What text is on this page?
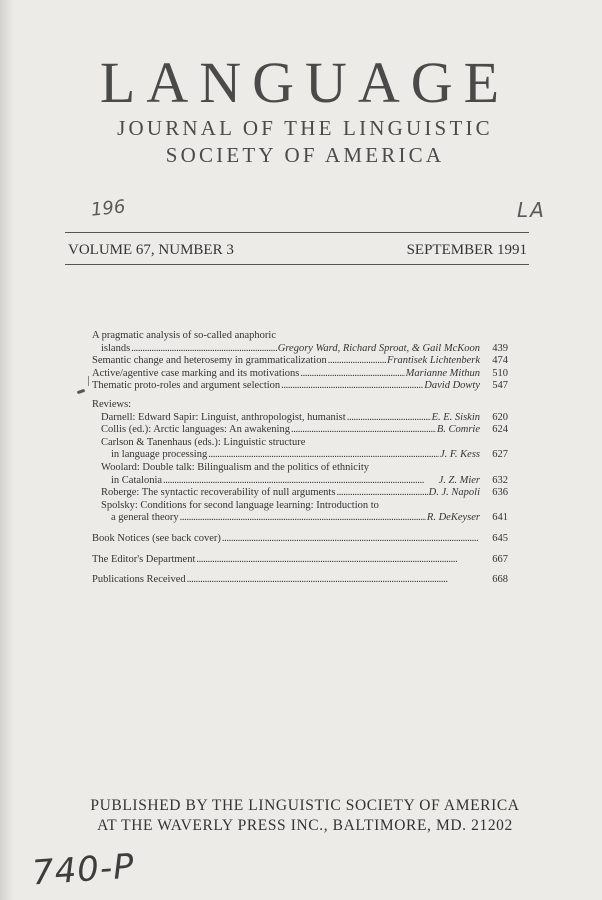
LANGUAGE
JOURNAL OF THE LINGUISTIC
SOCIETY OF AMERICA
196	LA
VOLUME 67, NUMBER 3	SEPTEMBER 1991
A pragmatic analysis of so-called anaphoric
islands . . .	Gregory Ward, Richard Sproat, & Gail McKoon	439
Semantic change and heterosemy in grammaticalization . . .	Frantisek Lichtenberk	474
Active/agentive case marking and its motivations . . .	Marianne Mithun	510
Thematic proto-roles and argument selection . . .	David Dowty	547
Reviews:
Darnell: Edward Sapir: Linguist, anthropologist, humanist . . .	E. E. Siskin	620
Collis (ed.): Arctic languages: An awakening . . .	B. Comrie	624
Carlson & Tanenhaus (eds.): Linguistic structure
in language processing . . .	J. F. Kess	627
Woolard: Double talk: Bilingualism and the politics of ethnicity
in Catalonia . . .	J. Z. Mier	632
Roberge: The syntactic recoverability of null arguments . . .	D. J. Napoli	636
Spolsky: Conditions for second language learning: Introduction to
a general theory . . .	R. DeKeyser	641
Book Notices (see back cover) . . .	645
The Editor's Department . . .	667
Publications Received . . .	668
PUBLISHED BY THE LINGUISTIC SOCIETY OF AMERICA
AT THE WAVERLY PRESS INC., BALTIMORE, MD. 21202
740-P
